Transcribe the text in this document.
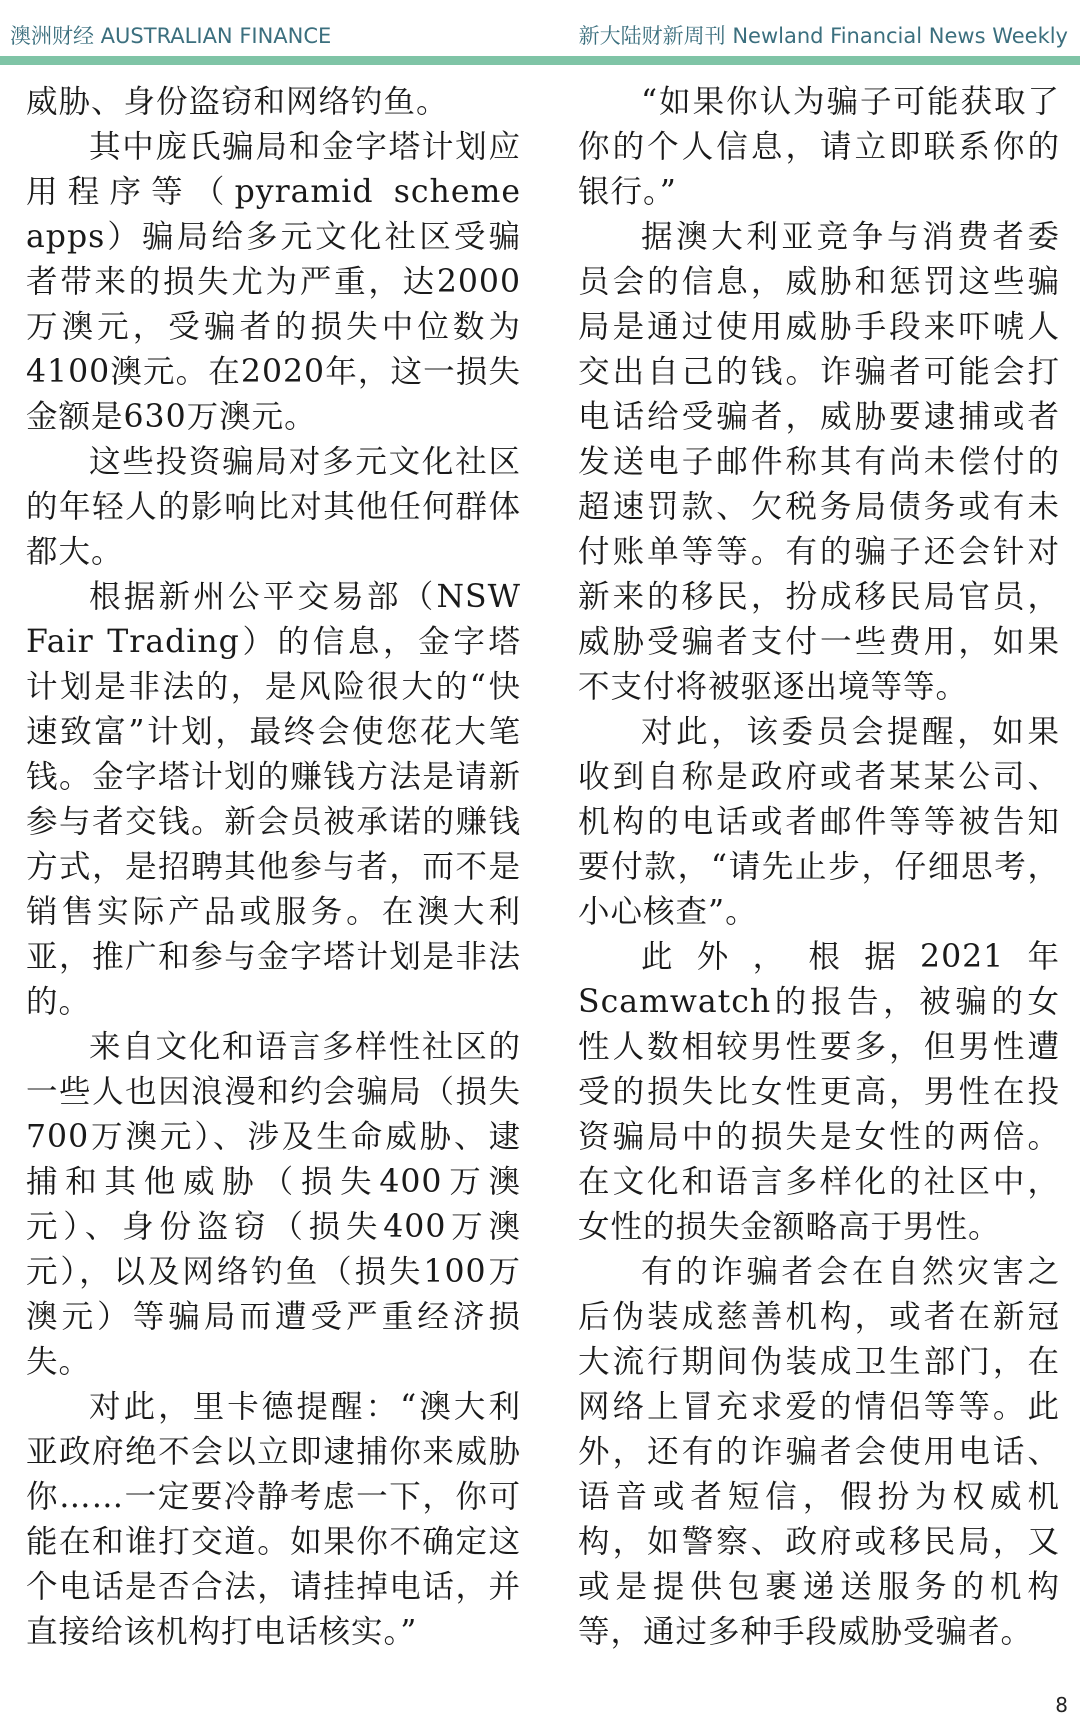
澳洲财经 AUSTRALIAN FINANCE	新大陆财新周刊 Newland Financial News Weekly

威胁、身份盗窃和网络钓鱼。

其中庞氏骗局和金字塔计划应用程序等（pyramid scheme apps）骗局给多元文化社区受骗者带来的损失尤为严重，达2000万澳元，受骗者的损失中位数为4100澳元。在2020年，这一损失金额是630万澳元。

这些投资骗局对多元文化社区的年轻人的影响比对其他任何群体都大。

根据新州公平交易部（NSW Fair Trading）的信息，金字塔计划是非法的，是风险很大的“快速致富”计划，最终会使您花大笔钱。金字塔计划的赚钱方法是请新参与者交钱。新会员被承诺的赚钱方式，是招聘其他参与者，而不是销售实际产品或服务。在澳大利亚，推广和参与金字塔计划是非法的。

来自文化和语言多样性社区的一些人也因浪漫和约会骗局（损失700万澳元）、涉及生命威胁、逮捕和其他威胁（损失400万澳元）、身份盗窃（损失400万澳元），以及网络钓鱼（损失100万澳元）等骗局而遭受严重经济损失。

对此，里卡德提醒：“澳大利亚政府绝不会以立即逮捕你来威胁你……一定要冷静考虑一下，你可能在和谁打交道。如果你不确定这个电话是否合法，请挂掉电话，并直接给该机构打电话核实。”

“如果你认为骗子可能获取了你的个人信息，请立即联系你的银行。”

据澳大利亚竞争与消费者委员会的信息，威胁和惩罚这些骗局是通过使用威胁手段来吓唬人交出自己的钱。诈骗者可能会打电话给受骗者，威胁要逮捕或者发送电子邮件称其有尚未偿付的超速罚款、欠税务局债务或有未付账单等等。有的骗子还会针对新来的移民，扮成移民局官员，威胁受骗者支付一些费用，如果不支付将被驱逐出境等等。

对此，该委员会提醒，如果收到自称是政府或者某某公司、机构的电话或者邮件等等被告知要付款，“请先止步，仔细思考，小心核查”。

此外，根据2021年Scamwatch的报告，被骗的女性人数相较男性要多，但男性遭受的损失比女性更高，男性在投资骗局中的损失是女性的两倍。在文化和语言多样化的社区中，女性的损失金额略高于男性。

有的诈骗者会在自然灾害之后伪装成慈善机构，或者在新冠大流行期间伪装成卫生部门，在网络上冒充求爱的情侣等等。此外，还有的诈骗者会使用电话、语音或者短信，假扮为权威机构，如警察、政府或移民局，又或是提供包裹递送服务的机构等，通过多种手段威胁受骗者。

8
